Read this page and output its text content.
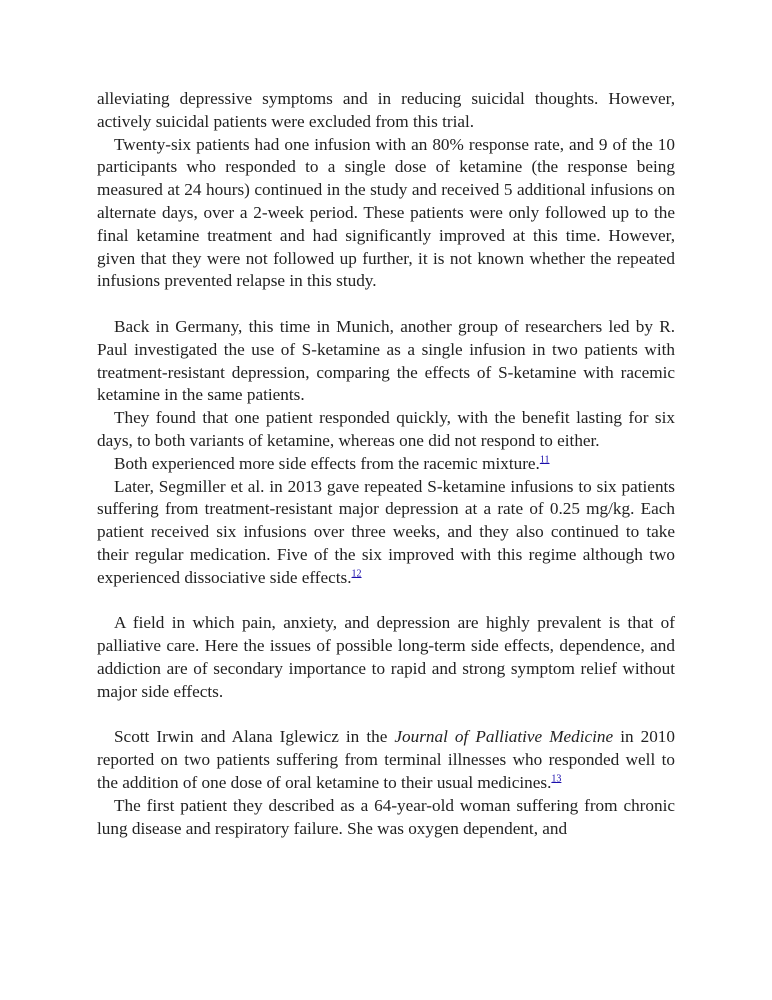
alleviating depressive symptoms and in reducing suicidal thoughts. However, actively suicidal patients were excluded from this trial.

Twenty-six patients had one infusion with an 80% response rate, and 9 of the 10 participants who responded to a single dose of ketamine (the response being measured at 24 hours) continued in the study and received 5 additional infusions on alternate days, over a 2-week period. These patients were only followed up to the final ketamine treatment and had significantly improved at this time. However, given that they were not followed up further, it is not known whether the repeated infusions prevented relapse in this study.

Back in Germany, this time in Munich, another group of researchers led by R. Paul investigated the use of S-ketamine as a single infusion in two patients with treatment-resistant depression, comparing the effects of S-ketamine with racemic ketamine in the same patients.

They found that one patient responded quickly, with the benefit lasting for six days, to both variants of ketamine, whereas one did not respond to either.

Both experienced more side effects from the racemic mixture.$^{11}$

Later, Segmiller et al. in 2013 gave repeated S-ketamine infusions to six patients suffering from treatment-resistant major depression at a rate of 0.25 mg/kg. Each patient received six infusions over three weeks, and they also continued to take their regular medication. Five of the six improved with this regime although two experienced dissociative side effects.$^{12}$

A field in which pain, anxiety, and depression are highly prevalent is that of palliative care. Here the issues of possible long-term side effects, dependence, and addiction are of secondary importance to rapid and strong symptom relief without major side effects.

Scott Irwin and Alana Iglewicz in the Journal of Palliative Medicine in 2010 reported on two patients suffering from terminal illnesses who responded well to the addition of one dose of oral ketamine to their usual medicines.$^{13}$

The first patient they described as a 64-year-old woman suffering from chronic lung disease and respiratory failure. She was oxygen dependent, and
